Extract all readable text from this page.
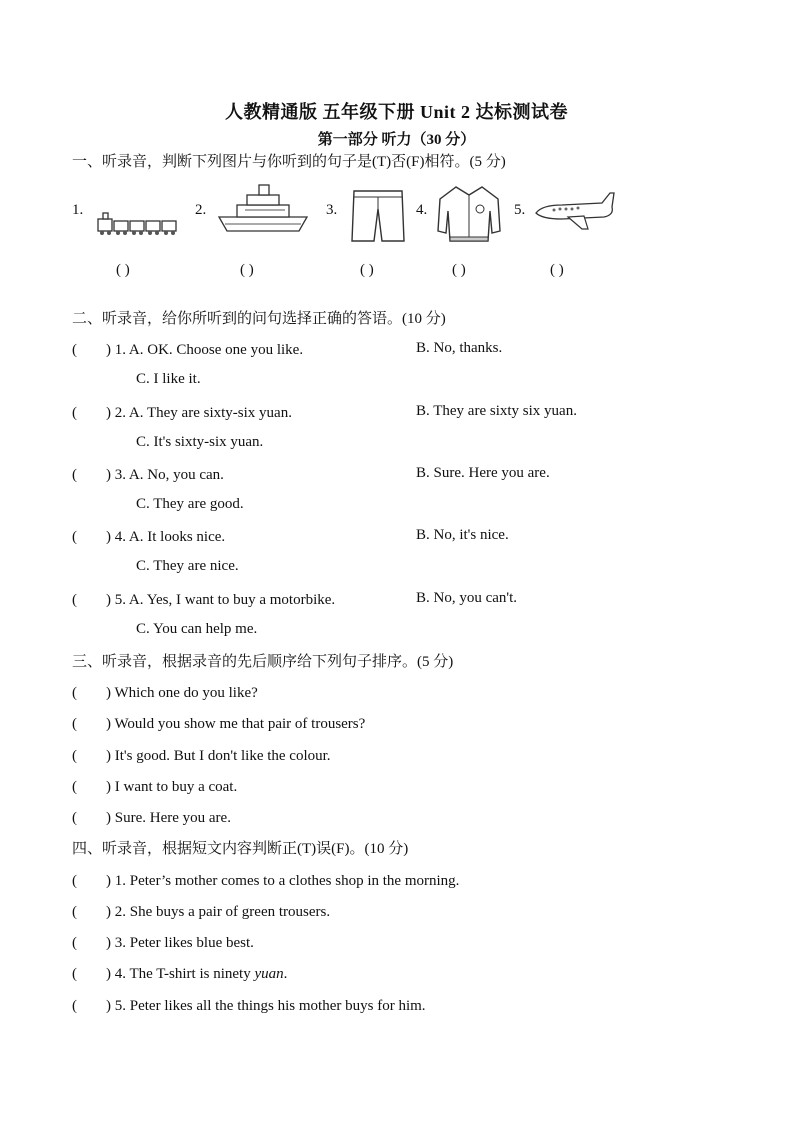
人教精通版 五年级下册 Unit 2 达标测试卷
第一部分 听力（30 分）
一、听录音，判断下列图片与你听到的句子是(T)否(F)相符。(5 分)
1.	2.	3.	4.	5.
( )	( )	( )	( )	( )
二、听录音，给你所听到的问句选择正确的答语。(10 分)
( ) 1. A. OK. Choose one you like.	B. No, thanks.
C. I like it.
( ) 2. A. They are sixty-six yuan.	B. They are sixty six yuan.
C. It's sixty-six yuan.
( ) 3. A. No, you can.	B. Sure. Here you are.
C. They are good.
( ) 4. A. It looks nice.	B. No, it's nice.
C. They are nice.
( ) 5. A. Yes, I want to buy a motorbike.	B. No, you can't.
C. You can help me.
三、听录音，根据录音的先后顺序给下列句子排序。(5 分)
( ) Which one do you like?
( ) Would you show me that pair of trousers?
( ) It's good. But I don't like the colour.
( ) I want to buy a coat.
( ) Sure. Here you are.
四、听录音，根据短文内容判断正(T)误(F)。(10 分)
( ) 1. Peter’s mother comes to a clothes shop in the morning.
( ) 2. She buys a pair of green trousers.
( ) 3. Peter likes blue best.
( ) 4. The T-shirt is ninety yuan.
( ) 5. Peter likes all the things his mother buys for him.
